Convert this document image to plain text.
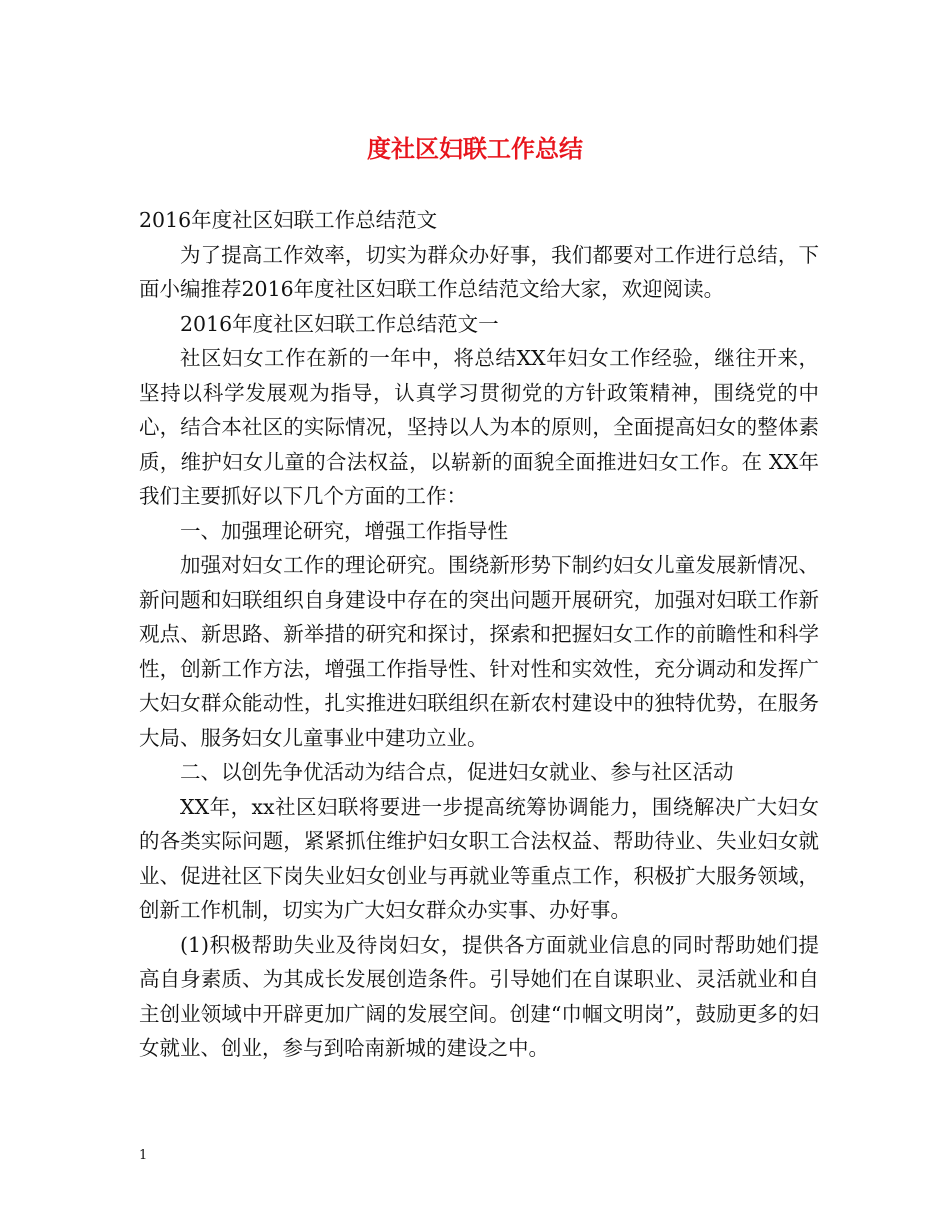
度社区妇联工作总结

2016年度社区妇联工作总结范文

为了提高工作效率，切实为群众办好事，我们都要对工作进行总结，下面小编推荐2016年度社区妇联工作总结范文给大家，欢迎阅读。

2016年度社区妇联工作总结范文一

社区妇女工作在新的一年中，将总结XX年妇女工作经验，继往开来，坚持以科学发展观为指导，认真学习贯彻党的方针政策精神，围绕党的中心，结合本社区的实际情况，坚持以人为本的原则，全面提高妇女的整体素质，维护妇女儿童的合法权益，以崭新的面貌全面推进妇女工作。在 XX年我们主要抓好以下几个方面的工作：

一、加强理论研究，增强工作指导性

加强对妇女工作的理论研究。围绕新形势下制约妇女儿童发展新情况、新问题和妇联组织自身建设中存在的突出问题开展研究，加强对妇联工作新观点、新思路、新举措的研究和探讨，探索和把握妇女工作的前瞻性和科学性，创新工作方法，增强工作指导性、针对性和实效性，充分调动和发挥广大妇女群众能动性，扎实推进妇联组织在新农村建设中的独特优势，在服务大局、服务妇女儿童事业中建功立业。

二、以创先争优活动为结合点，促进妇女就业、参与社区活动

XX年，xx社区妇联将要进一步提高统筹协调能力，围绕解决广大妇女的各类实际问题，紧紧抓住维护妇女职工合法权益、帮助待业、失业妇女就业、促进社区下岗失业妇女创业与再就业等重点工作，积极扩大服务领域，创新工作机制，切实为广大妇女群众办实事、办好事。

(1)积极帮助失业及待岗妇女，提供各方面就业信息的同时帮助她们提高自身素质、为其成长发展创造条件。引导她们在自谋职业、灵活就业和自主创业领域中开辟更加广阔的发展空间。创建“巾帼文明岗”，鼓励更多的妇女就业、创业，参与到哈南新城的建设之中。

1
